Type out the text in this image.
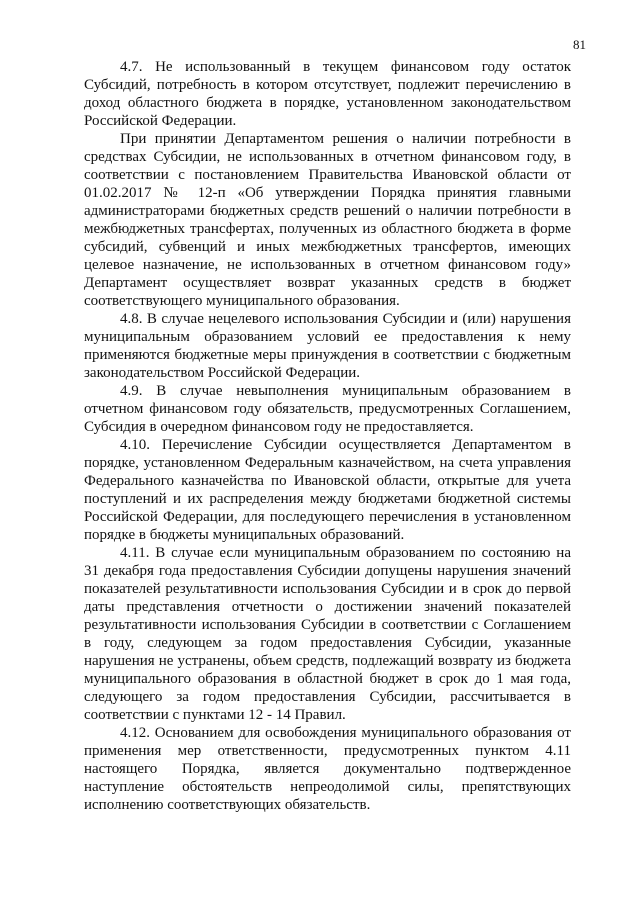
81

4.7. Не использованный в текущем финансовом году остаток Субсидий, потребность в котором отсутствует, подлежит перечислению в доход областного бюджета в порядке, установленном законодательством Российской Федерации.

При принятии Департаментом решения о наличии потребности в средствах Субсидии, не использованных в отчетном финансовом году, в соответствии с постановлением Правительства Ивановской области от 01.02.2017 № 12-п «Об утверждении Порядка принятия главными администраторами бюджетных средств решений о наличии потребности в межбюджетных трансфертах, полученных из областного бюджета в форме субсидий, субвенций и иных межбюджетных трансфертов, имеющих целевое назначение, не использованных в отчетном финансовом году» Департамент осуществляет возврат указанных средств в бюджет соответствующего муниципального образования.

4.8. В случае нецелевого использования Субсидии и (или) нарушения муниципальным образованием условий ее предоставления к нему применяются бюджетные меры принуждения в соответствии с бюджетным законодательством Российской Федерации.

4.9. В случае невыполнения муниципальным образованием в отчетном финансовом году обязательств, предусмотренных Соглашением, Субсидия в очередном финансовом году не предоставляется.

4.10. Перечисление Субсидии осуществляется Департаментом в порядке, установленном Федеральным казначейством, на счета управления Федерального казначейства по Ивановской области, открытые для учета поступлений и их распределения между бюджетами бюджетной системы Российской Федерации, для последующего перечисления в установленном порядке в бюджеты муниципальных образований.

4.11. В случае если муниципальным образованием по состоянию на 31 декабря года предоставления Субсидии допущены нарушения значений показателей результативности использования Субсидии и в срок до первой даты представления отчетности о достижении значений показателей результативности использования Субсидии в соответствии с Соглашением в году, следующем за годом предоставления Субсидии, указанные нарушения не устранены, объем средств, подлежащий возврату из бюджета муниципального образования в областной бюджет в срок до 1 мая года, следующего за годом предоставления Субсидии, рассчитывается в соответствии с пунктами 12 - 14 Правил.

4.12. Основанием для освобождения муниципального образования от применения мер ответственности, предусмотренных пунктом 4.11 настоящего Порядка, является документально подтвержденное наступление обстоятельств непреодолимой силы, препятствующих исполнению соответствующих обязательств.
